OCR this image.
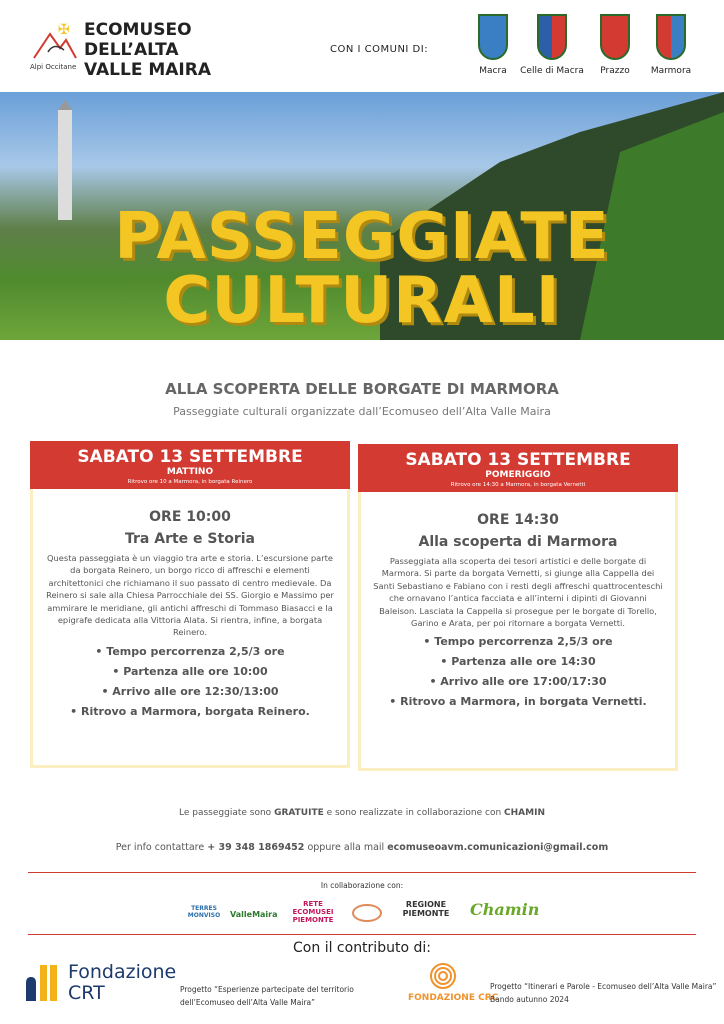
✠
Alpi Occitane
ECOMUSEO
DELL’ALTA
VALLE MAIRA
CON I COMUNI DI:
Macra	Celle di Macra	Prazzo	Marmora
PASSEGGIATE
CULTURALI
ALLA SCOPERTA DELLE BORGATE DI MARMORA
Passeggiate culturali organizzate dall’Ecomuseo dell’Alta Valle Maira
SABATO 13 SETTEMBRE
MATTINO
Ritrovo ore 10 a Marmora, in borgata Reinero
ORE 10:00
Tra Arte e Storia
Questa passeggiata è un viaggio tra arte e storia. L’escursione parte da borgata Reinero, un borgo ricco di affreschi e elementi architettonici che richiamano il suo passato di centro medievale. Da Reinero si sale alla Chiesa Parrocchiale dei SS. Giorgio e Massimo per ammirare le meridiane, gli antichi affreschi di Tommaso Biasacci e la epigrafe dedicata alla Vittoria Alata. Si rientra, infine, a borgata Reinero.
• Tempo percorrenza 2,5/3 ore
• Partenza alle ore 10:00
• Arrivo alle ore 12:30/13:00
• Ritrovo a Marmora, borgata Reinero.
SABATO 13 SETTEMBRE
POMERIGGIO
Ritrovo ore 14:30 a Marmora, in borgata Vernetti
ORE 14:30
Alla scoperta di Marmora
Passeggiata alla scoperta dei tesori artistici e delle borgate di Marmora. Si parte da borgata Vernetti, si giunge alla Cappella dei Santi Sebastiano e Fabiano con i resti degli affreschi quattrocenteschi che ornavano l’antica facciata e all’interni i dipinti di Giovanni Baleison. Lasciata la Cappella si prosegue per le borgate di Torello, Garino e Arata, per poi ritornare a borgata Vernetti.
• Tempo percorrenza 2,5/3 ore
• Partenza alle ore 14:30
• Arrivo alle ore 17:00/17:30
• Ritrovo a Marmora, in borgata Vernetti.
Le passeggiate sono GRATUITE e sono realizzate in collaborazione con CHAMIN
Per info contattare + 39 348 1869452 oppure alla mail ecomuseoavm.comunicazioni@gmail.com
In collaborazione con:
TERRES MONVISO ValleMaira
RETE ECOMUSEI PIEMONTE
REGIONE PIEMONTE	Chamin
Con il contributo di:
Fondazione
CRT	Progetto “Esperienze partecipate del territorio dell’Ecomuseo dell’Alta Valle Maira”	FONDAZIONE CRC
Progetto “Itinerari e Parole - Ecomuseo dell’Alta Valle Maira” Bando autunno 2024
